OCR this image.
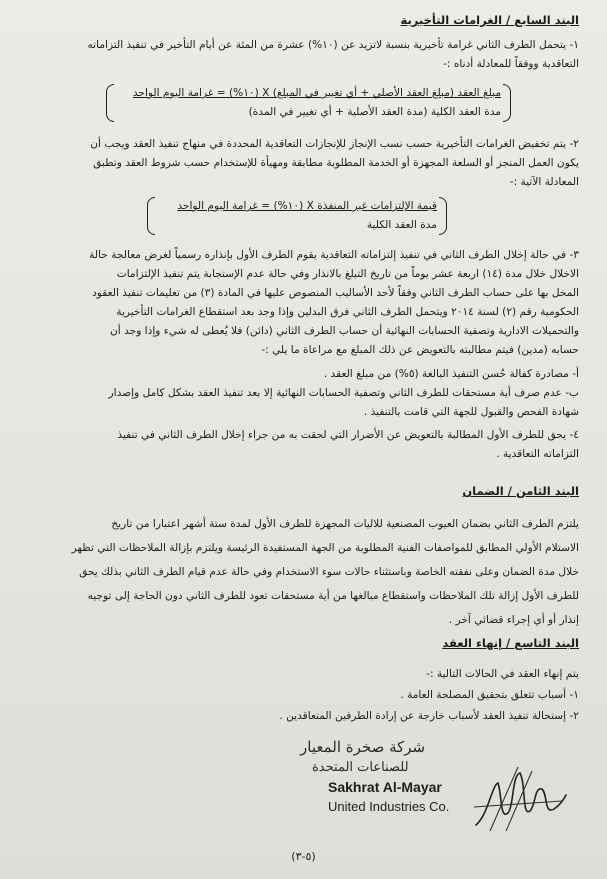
البند السابع / الغرامات التأخيرية
١- يتحمل الطرف الثاني غرامة تأخيرية بنسبة لاتزيد عن (١٠%) عشرة من المئة عن أيام التأخير في تنفيذ التزاماته
التعاقدية ووفقاً للمعادلة أدناه :-
مبلغ العقد (مبلغ العقد الأصلي + أي تغيير في المبلغ) X (١٠%) = غرامة اليوم الواحد
مدة العقد الكلية (مدة العقد الأصلية + أي تغيير في المدة)
٢- يتم تخفيض الغرامات التأخيرية حسب نسب الإنجاز للإنجازات التعاقدية المحددة في منهاج تنفيذ العقد ويجب أن
يكون العمل المنجز أو السلعة المجهزة أو الخدمة المطلوبة مطابقة ومهيأة للإستخدام حسب شروط العقد وتطبق
المعادلة الآتية :-
قيمة الإلتزامات غير المنفذة X (١٠%) = غرامة اليوم الواحد
مدة العقد الكلية
٣- في حالة إخلال الطرف الثاني في تنفيذ إلتزاماته التعاقدية يقوم الطرف الأول بإنذاره رسمياً لغرض معالجة حالة
الاخلال خلال مدة (١٤) اربعة عشر يوماً من تاريخ التبلغ بالانذار وفي حالة عدم الإستجابة يتم تنفيذ الإلتزامات
المخل بها على حساب الطرف الثاني وفقاً لأحد الأساليب المنصوص عليها في المادة (٣) من تعليمات تنفيذ العقود
الحكومية رقم (٢) لسنة ٢٠١٤ ويتحمل الطرف الثاني فرق البدلين وإذا وجد بعد استقطاع الغرامات التأخيرية
والتحميلات الادارية وتصفية الحسابات النهائية أن حساب الطرف الثاني (دائن) فلا يُعطى له شيء وإذا وجد أن
حسابه (مدين) فيتم مطالبته بالتعويض عن ذلك المبلغ مع مراعاة ما يلي :-
أ- مصادرة كفالة حُسن التنفيذ البالغة (٥%) من مبلغ العقد .
ب- عدم صرف أية مستحقات للطرف الثاني وتصفية الحسابات النهائية إلا بعد تنفيذ العقد بشكل كامل وإصدار
شهادة الفحص والقبول للجهة التي قامت بالتنفيذ .
٤- يحق للطرف الأول المطالبة بالتعويض عن الأضرار التي لحقت به من جراء إخلال الطرف الثاني في تنفيذ
التزاماته التعاقدية .
البند الثامن / الضمان
يلتزم الطرف الثاني بضمان العيوب المصنعية للاليات المجهزة للطرف الأول لمدة ستة أشهر اعتبارا من تاريخ
الاستلام الأولي المطابق للمواصفات الفنية المطلوبة من الجهة المستفيدة الرئيسة ويلتزم بإزالة الملاحظات التي تظهر
خلال مدة الضمان وعلى نفقته الخاصة وباستثناء حالات سوء الاستخدام وفي حالة عدم قيام الطرف الثاني بذلك يحق
للطرف الأول إزالة تلك الملاحظات واستقطاع مبالغها من أية مستحقات تعود للطرف الثاني دون الحاجة إلى توجيه
إنذار أو أي إجراء قضائي آخر .
البند التاسع / إنهاء العقد
يتم إنهاء العقد في الحالات التالية :-
١- أسباب تتعلق بتحقيق المصلحة العامة .
٢- إستحالة تنفيذ العقد لأسباب خارجة عن إرادة الطرفين المتعاقدين .
شركة صخرة المعيار
للصناعات المتحدة
Sakhrat Al-Mayar
United Industries Co.
(٥-٣)
